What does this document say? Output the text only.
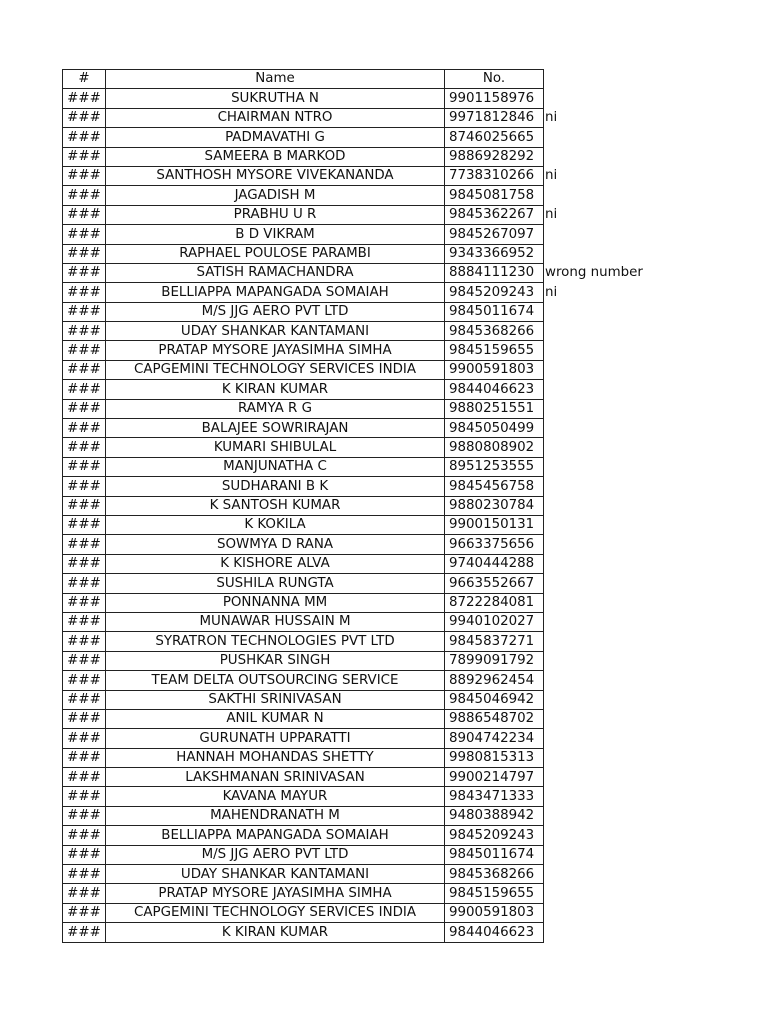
#	Name	No.	
###	SUKRUTHA N	9901158976	
###	CHAIRMAN NTRO	9971812846	ni
###	PADMAVATHI G	8746025665	
###	SAMEERA B MARKOD	9886928292	
###	SANTHOSH MYSORE VIVEKANANDA	7738310266	ni
###	JAGADISH M	9845081758	
###	PRABHU U R	9845362267	ni
###	B D VIKRAM	9845267097	
###	RAPHAEL POULOSE PARAMBI	9343366952	
###	SATISH RAMACHANDRA	8884111230	wrong number
###	BELLIAPPA MAPANGADA SOMAIAH	9845209243	ni
###	M/S JJG AERO PVT LTD	9845011674	
###	UDAY SHANKAR KANTAMANI	9845368266	
###	PRATAP MYSORE JAYASIMHA SIMHA	9845159655	
###	CAPGEMINI TECHNOLOGY SERVICES INDIA	9900591803	
###	K KIRAN KUMAR	9844046623	
###	RAMYA R G	9880251551	
###	BALAJEE SOWRIRAJAN	9845050499	
###	KUMARI SHIBULAL	9880808902	
###	MANJUNATHA C	8951253555	
###	SUDHARANI B K	9845456758	
###	K SANTOSH KUMAR	9880230784	
###	K KOKILA	9900150131	
###	SOWMYA D RANA	9663375656	
###	K KISHORE ALVA	9740444288	
###	SUSHILA RUNGTA	9663552667	
###	PONNANNA MM	8722284081	
###	MUNAWAR HUSSAIN M	9940102027	
###	SYRATRON TECHNOLOGIES PVT LTD	9845837271	
###	PUSHKAR SINGH	7899091792	
###	TEAM DELTA OUTSOURCING SERVICE	8892962454	
###	SAKTHI SRINIVASAN	9845046942	
###	ANIL KUMAR N	9886548702	
###	GURUNATH UPPARATTI	8904742234	
###	HANNAH MOHANDAS SHETTY	9980815313	
###	LAKSHMANAN SRINIVASAN	9900214797	
###	KAVANA MAYUR	9843471333	
###	MAHENDRANATH M	9480388942	
###	BELLIAPPA MAPANGADA SOMAIAH	9845209243	
###	M/S JJG AERO PVT LTD	9845011674	
###	UDAY SHANKAR KANTAMANI	9845368266	
###	PRATAP MYSORE JAYASIMHA SIMHA	9845159655	
###	CAPGEMINI TECHNOLOGY SERVICES INDIA	9900591803	
###	K KIRAN KUMAR	9844046623	
